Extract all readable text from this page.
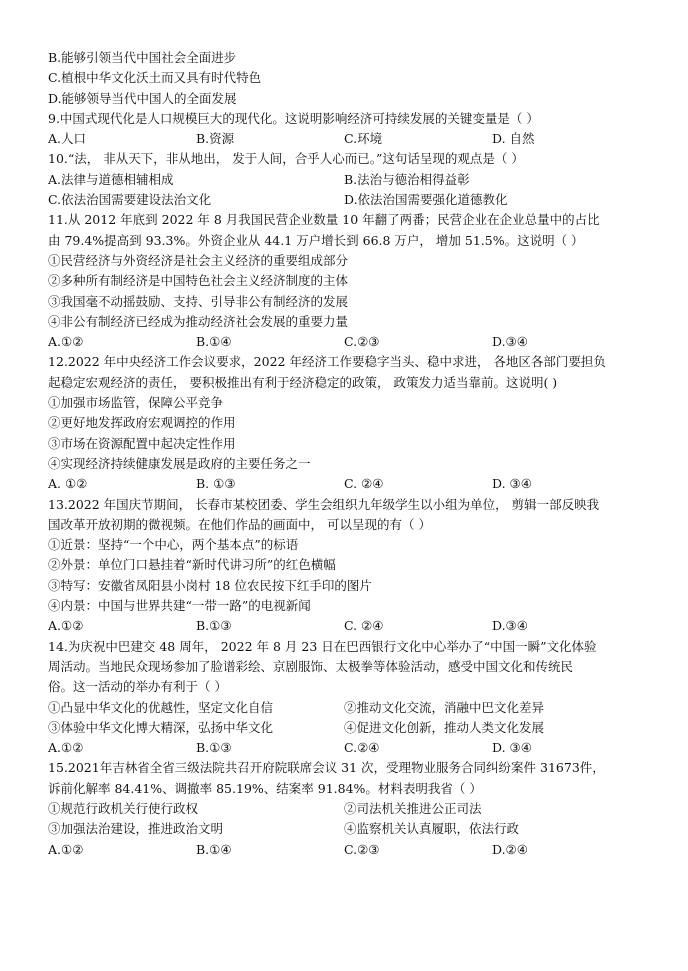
B.能够引领当代中国社会全面进步
C.植根中华文化沃土而又具有时代特色
D.能够领导当代中国人的全面发展
9.中国式现代化是人口规模巨大的现代化。这说明影响经济可持续发展的关键变量是（ ）
A.人口	B.资源	C.环境	D. 自然
10.“法， 非从天下，非从地出， 发于人间，合乎人心而已。”这句话呈现的观点是（ ）
A.法律与道德相辅相成	B.法治与德治相得益彰
C.依法治国需要建设法治文化	D.依法治国需要强化道德教化
11.从 2012 年底到 2022 年 8 月我国民营企业数量 10 年翻了两番；民营企业在企业总量中的占比
由 79.4%提高到 93.3%。外资企业从 44.1 万户增长到 66.8 万户， 增加 51.5%。这说明（ ）
①民营经济与外资经济是社会主义经济的重要组成部分
②多种所有制经济是中国特色社会主义经济制度的主体
③我国毫不动摇鼓励、支持、引导非公有制经济的发展
④非公有制经济已经成为推动经济社会发展的重要力量
A.①②	B.①④	C.②③	D.③④
12.2022 年中央经济工作会议要求，2022 年经济工作要稳字当头、稳中求进， 各地区各部门要担负
起稳定宏观经济的责任， 要积极推出有利于经济稳定的政策， 政策发力适当靠前。这说明( )
①加强市场监管，保障公平竞争
②更好地发挥政府宏观调控的作用
③市场在资源配置中起决定性作用
④实现经济持续健康发展是政府的主要任务之一
A. ①②	B. ①③	C. ②④	D. ③④
13.2022 年国庆节期间， 长春市某校团委、学生会组织九年级学生以小组为单位， 剪辑一部反映我
国改革开放初期的微视频。在他们作品的画面中， 可以呈现的有（ ）
①近景：坚持“一个中心，两个基本点”的标语
②外景：单位门口悬挂着“新时代讲习所”的红色横幅
③特写：安徽省凤阳县小岗村 18 位农民按下红手印的图片
④内景：中国与世界共建“一带一路”的电视新闻
A.①②	B.①③	C. ②④	D.③④
14.为庆祝中巴建交 48 周年， 2022 年 8 月 23 日在巴西银行文化中心举办了“中国一瞬”文化体验
周活动。当地民众现场参加了脸谱彩绘、京剧服饰、太极拳等体验活动，感受中国文化和传统民
俗。这一活动的举办有利于（ ）
①凸显中华文化的优越性，坚定文化自信	②推动文化交流，消融中巴文化差异
③体验中华文化博大精深，弘扬中华文化	④促进文化创新，推动人类文化发展
A.①②	B.①③	C.②④	D. ③④
15.2021年吉林省全省三级法院共召开府院联席会议 31 次，受理物业服务合同纠纷案件 31673件，
诉前化解率 84.41%、调撤率 85.19%、结案率 91.84%。材料表明我省（ ）
①规范行政机关行使行政权	②司法机关推进公正司法
③加强法治建设，推进政治文明	④监察机关认真履职，依法行政
A.①②	B.①④	C.②③	D.②④
